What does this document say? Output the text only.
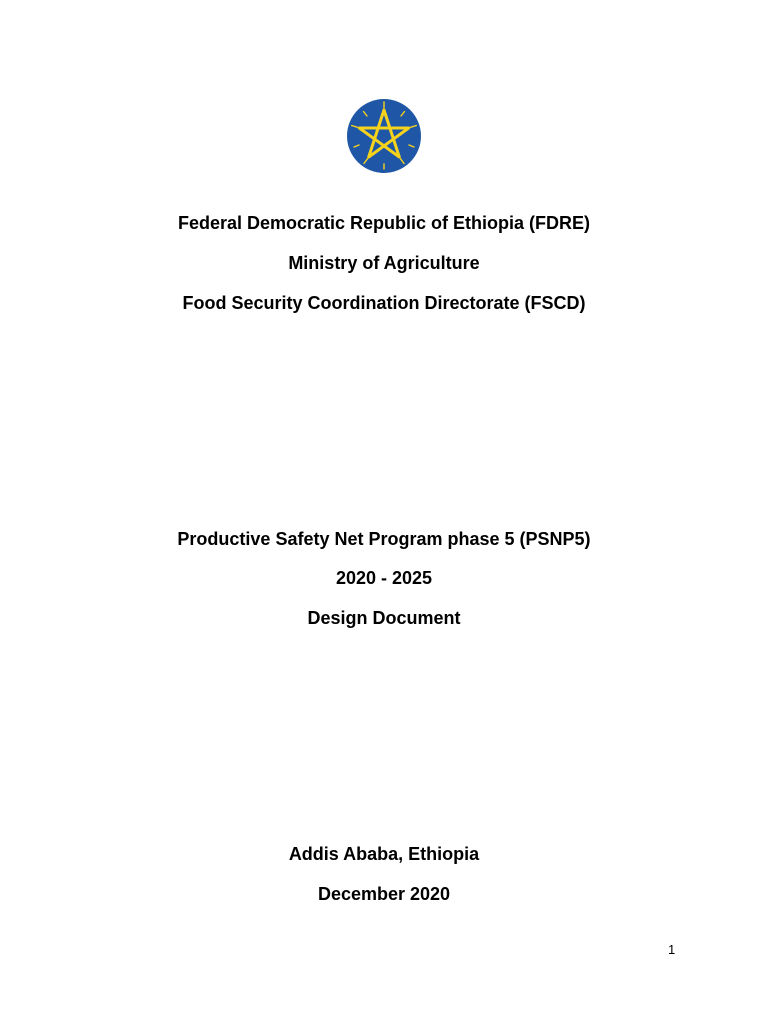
Federal Democratic Republic of Ethiopia (FDRE)
Ministry of Agriculture
Food Security Coordination Directorate (FSCD)
Productive Safety Net Program phase 5 (PSNP5)
2020 - 2025
Design Document
Addis Ababa, Ethiopia
December 2020
1
